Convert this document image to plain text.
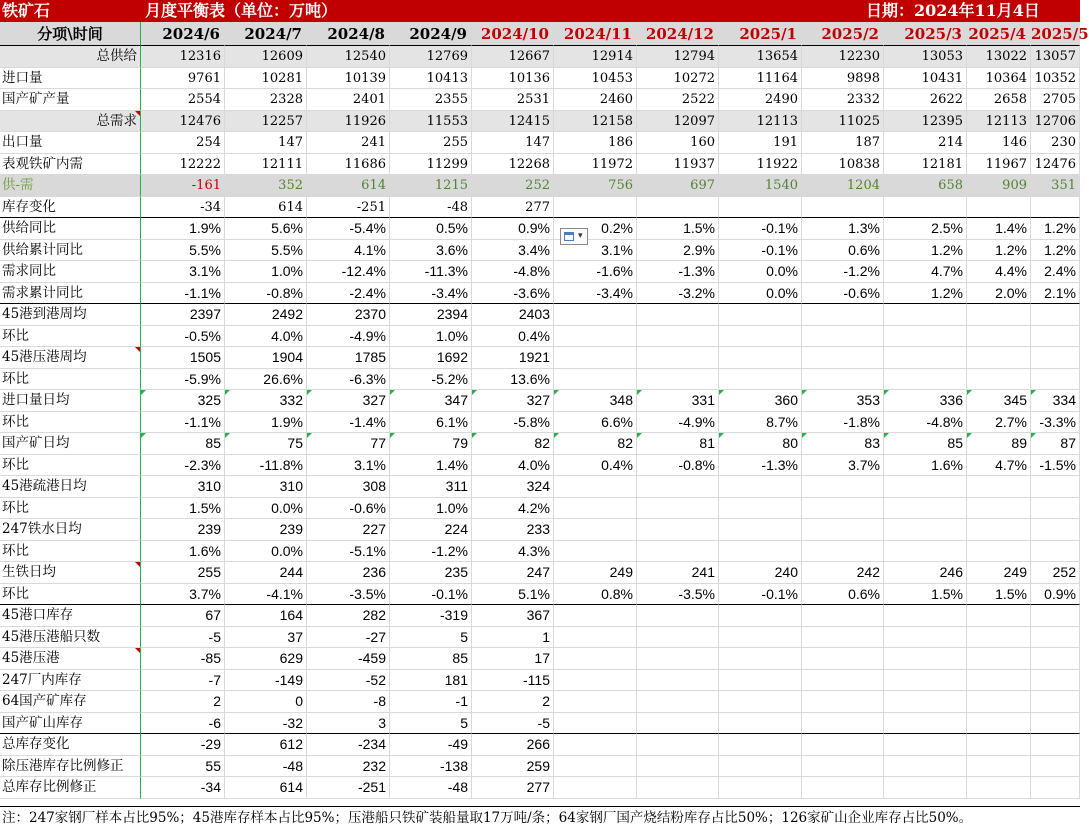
铁矿石	月度平衡表（单位：万吨）	日期：2024年11月4日
分项\时间	2024/6	2024/7	2024/8	2024/9 2024/10 2024/11 2024/12	2025/1	2025/2	2025/3 2025/4 2025/5
总供给	12316	12609	12540	12769	12667	12914	12794	13654	12230	13053	13022 13057
进口量	9761	10281	10139	10413	10136	10453	10272	11164	9898	10431	10364 10352
国产矿产量	2554	2328	2401	2355	2531	2460	2522	2490	2332	2622	2658	2705
总需求	12476	12257	11926	11553	12415	12158	12097	12113	11025	12395	12113 12706
出口量	254	147	241	255	147	186	160	191	187	214	146	230
表观铁矿内需	12222	12111	11686	11299	12268	11972	11937	11922	10838	12181	11967 12476
供-需	-161	352	614	1215	252	756	697	1540	1204	658	909	351
库存变化	-34	614	-251	-48	277
供给同比	1.9%	5.6%	-5.4%	0.5%	0.9%	0.2%	1.5%	-0.1%	1.3%	2.5%	1.4%	1.2%
供给累计同比	5.5%	5.5%	4.1%	3.6%	3.4%	3.1%	2.9%	-0.1%	0.6%	1.2%	1.2%	1.2%
需求同比	3.1%	1.0%	-12.4%	-11.3%	-4.8%	-1.6%	-1.3%	0.0%	-1.2%	4.7%	4.4%	2.4%
需求累计同比	-1.1%	-0.8%	-2.4%	-3.4%	-3.6%	-3.4%	-3.2%	0.0%	-0.6%	1.2%	2.0%	2.1%
45港到港周均	2397	2492	2370	2394	2403
环比	-0.5%	4.0%	-4.9%	1.0%	0.4%
45港压港周均	1505	1904	1785	1692	1921
环比	-5.9%	26.6%	-6.3%	-5.2%	13.6%
进口量日均	325	332	327	347	327	348	331	360	353	336	345	334
环比	-1.1%	1.9%	-1.4%	6.1%	-5.8%	6.6%	-4.9%	8.7%	-1.8%	-4.8%	2.7% -3.3%
国产矿日均	85	75	77	79	82	82	81	80	83	85	89	87
环比	-2.3%	-11.8%	3.1%	1.4%	4.0%	0.4%	-0.8%	-1.3%	3.7%	1.6%	4.7% -1.5%
45港疏港日均	310	310	308	311	324
环比	1.5%	0.0%	-0.6%	1.0%	4.2%
247铁水日均	239	239	227	224	233
环比	1.6%	0.0%	-5.1%	-1.2%	4.3%
生铁日均	255	244	236	235	247	249	241	240	242	246	249	252
环比	3.7%	-4.1%	-3.5%	-0.1%	5.1%	0.8%	-3.5%	-0.1%	0.6%	1.5%	1.5%	0.9%
45港口库存	67	164	282	-319	367
45港压港船只数	-5	37	-27	5	1
45港压港	-85	629	-459	85	17
247厂内库存	-7	-149	-52	181	-115
64国产矿库存	2	0	-8	-1	2
国产矿山库存	-6	-32	3	5	-5
总库存变化	-29	612	-234	-49	266
除压港库存比例修正	55	-48	232	-138	259
总库存比例修正	-34	614	-251	-48	277
▾
注：247家钢厂样本占比95%；45港库存样本占比95%；压港船只铁矿装船量取17万吨/条；64家钢厂国产烧结粉库存占比50%；126家矿山企业库存占比50%。
